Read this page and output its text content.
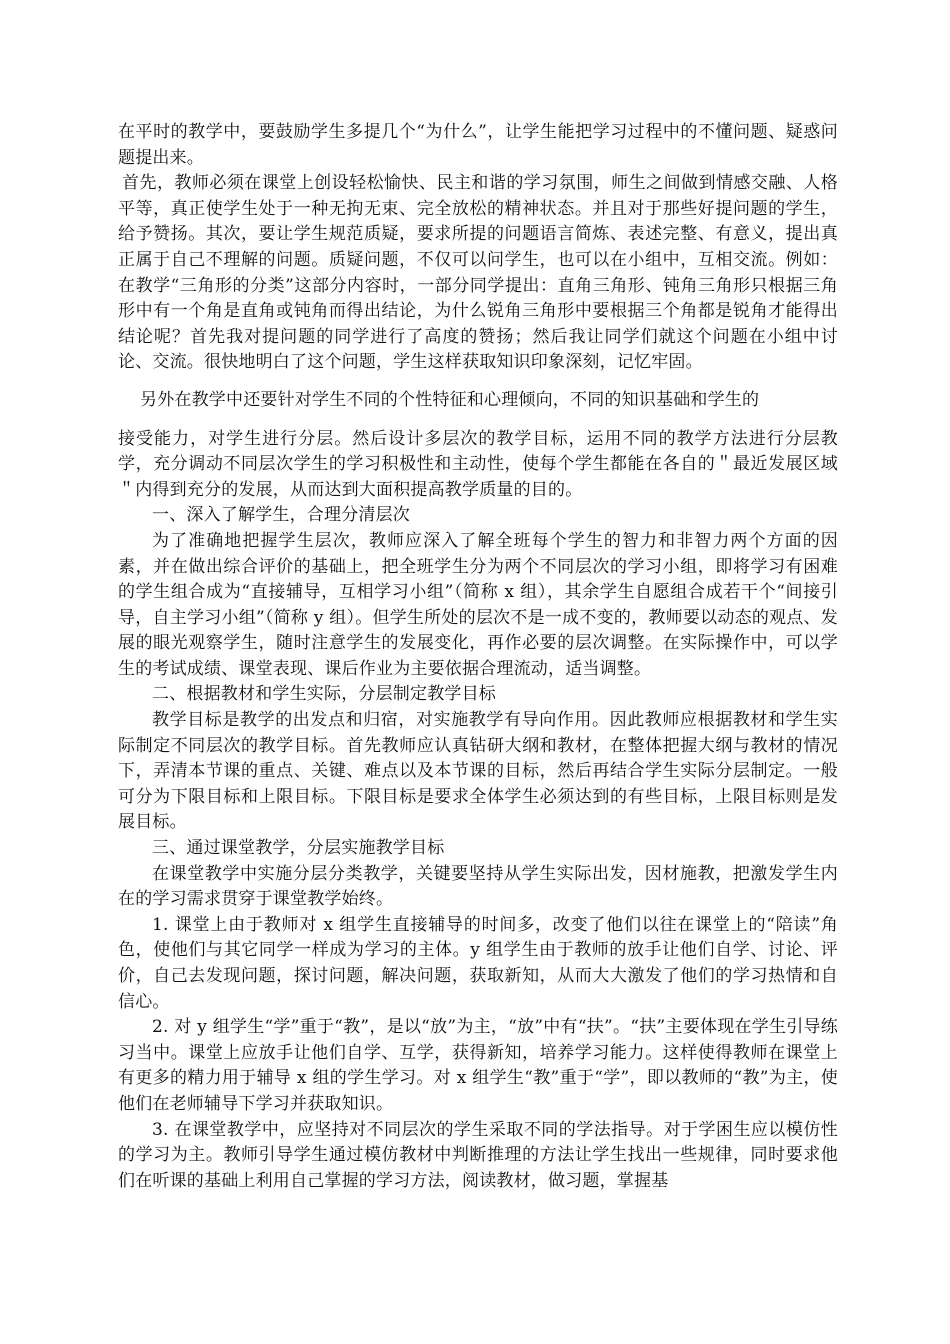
在平时的教学中，要鼓励学生多提几个“为什么”，让学生能把学习过程中的不懂问题、疑惑问题提出来。

首先，教师必须在课堂上创设轻松愉快、民主和谐的学习氛围，师生之间做到情感交融、人格平等，真正使学生处于一种无拘无束、完全放松的精神状态。并且对于那些好提问题的学生，给予赞扬。其次，要让学生规范质疑，要求所提的问题语言简炼、表述完整、有意义，提出真正属于自己不理解的问题。质疑问题，不仅可以问学生，也可以在小组中，互相交流。例如：在教学“三角形的分类”这部分内容时，一部分同学提出：直角三角形、钝角三角形只根据三角形中有一个角是直角或钝角而得出结论，为什么锐角三角形中要根据三个角都是锐角才能得出结论呢？首先我对提问题的同学进行了高度的赞扬；然后我让同学们就这个问题在小组中讨论、交流。很快地明白了这个问题，学生这样获取知识印象深刻，记忆牢固。

另外在教学中还要针对学生不同的个性特征和心理倾向，不同的知识基础和学生的

接受能力，对学生进行分层。然后设计多层次的教学目标，运用不同的教学方法进行分层教学，充分调动不同层次学生的学习积极性和主动性，使每个学生都能在各自的＂最近发展区域＂内得到充分的发展，从而达到大面积提高教学质量的目的。

一、深入了解学生，合理分清层次

为了准确地把握学生层次，教师应深入了解全班每个学生的智力和非智力两个方面的因素，并在做出综合评价的基础上，把全班学生分为两个不同层次的学习小组，即将学习有困难的学生组合成为“直接辅导，互相学习小组”（简称 x 组），其余学生自愿组合成若干个“间接引导，自主学习小组”（简称 y 组）。但学生所处的层次不是一成不变的，教师要以动态的观点、发展的眼光观察学生，随时注意学生的发展变化，再作必要的层次调整。在实际操作中，可以学生的考试成绩、课堂表现、课后作业为主要依据合理流动，适当调整。

二、根据教材和学生实际，分层制定教学目标

教学目标是教学的出发点和归宿，对实施教学有导向作用。因此教师应根据教材和学生实际制定不同层次的教学目标。首先教师应认真钻研大纲和教材，在整体把握大纲与教材的情况下，弄清本节课的重点、关键、难点以及本节课的目标，然后再结合学生实际分层制定。一般可分为下限目标和上限目标。下限目标是要求全体学生必须达到的有些目标，上限目标则是发展目标。

三、通过课堂教学，分层实施教学目标

在课堂教学中实施分层分类教学，关键要坚持从学生实际出发，因材施教，把激发学生内在的学习需求贯穿于课堂教学始终。

1. 课堂上由于教师对 x 组学生直接辅导的时间多，改变了他们以往在课堂上的“陪读”角色，使他们与其它同学一样成为学习的主体。y 组学生由于教师的放手让他们自学、讨论、评价，自己去发现问题，探讨问题，解决问题，获取新知，从而大大激发了他们的学习热情和自信心。

2. 对 y 组学生“学”重于“教”，是以“放”为主，“放”中有“扶”。“扶”主要体现在学生引导练习当中。课堂上应放手让他们自学、互学，获得新知，培养学习能力。这样使得教师在课堂上有更多的精力用于辅导 x 组的学生学习。对 x 组学生“教”重于“学”，即以教师的“教”为主，使他们在老师辅导下学习并获取知识。

3. 在课堂教学中，应坚持对不同层次的学生采取不同的学法指导。对于学困生应以模仿性　的学习为主。教师引导学生通过模仿教材中判断推理的方法让学生找出一些规律，同时要求他们在听课的基础上利用自己掌握的学习方法，阅读教材，做习题，掌握基
